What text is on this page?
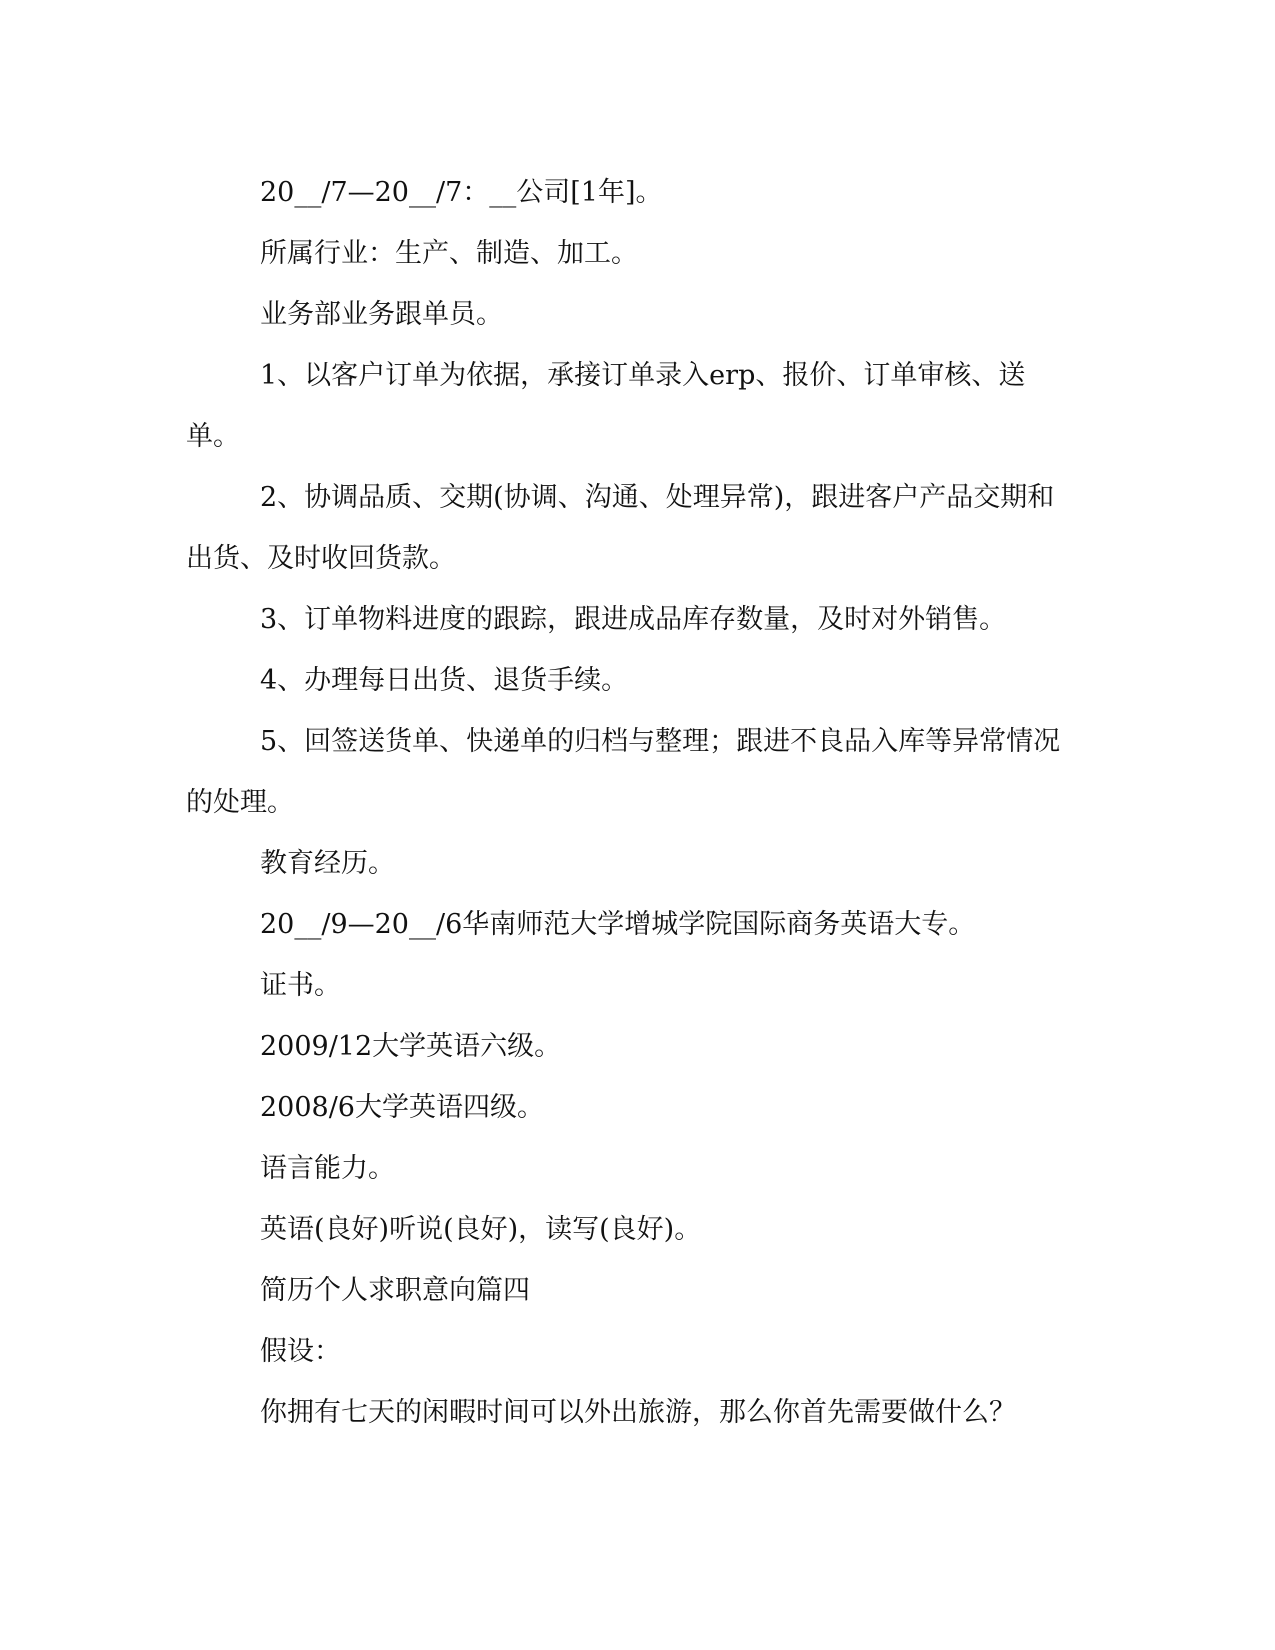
20__/7—20__/7：__公司[1年]。

所属行业：生产、制造、加工。

业务部业务跟单员。

1、以客户订单为依据，承接订单录入erp、报价、订单审核、送单。

2、协调品质、交期(协调、沟通、处理异常)，跟进客户产品交期和出货、及时收回货款。

3、订单物料进度的跟踪，跟进成品库存数量，及时对外销售。

4、办理每日出货、退货手续。

5、回签送货单、快递单的归档与整理；跟进不良品入库等异常情况的处理。

教育经历。

20__/9—20__/6华南师范大学增城学院国际商务英语大专。

证书。

2009/12大学英语六级。

2008/6大学英语四级。

语言能力。

英语(良好)听说(良好)，读写(良好)。

简历个人求职意向篇四

假设：

你拥有七天的闲暇时间可以外出旅游，那么你首先需要做什么？
